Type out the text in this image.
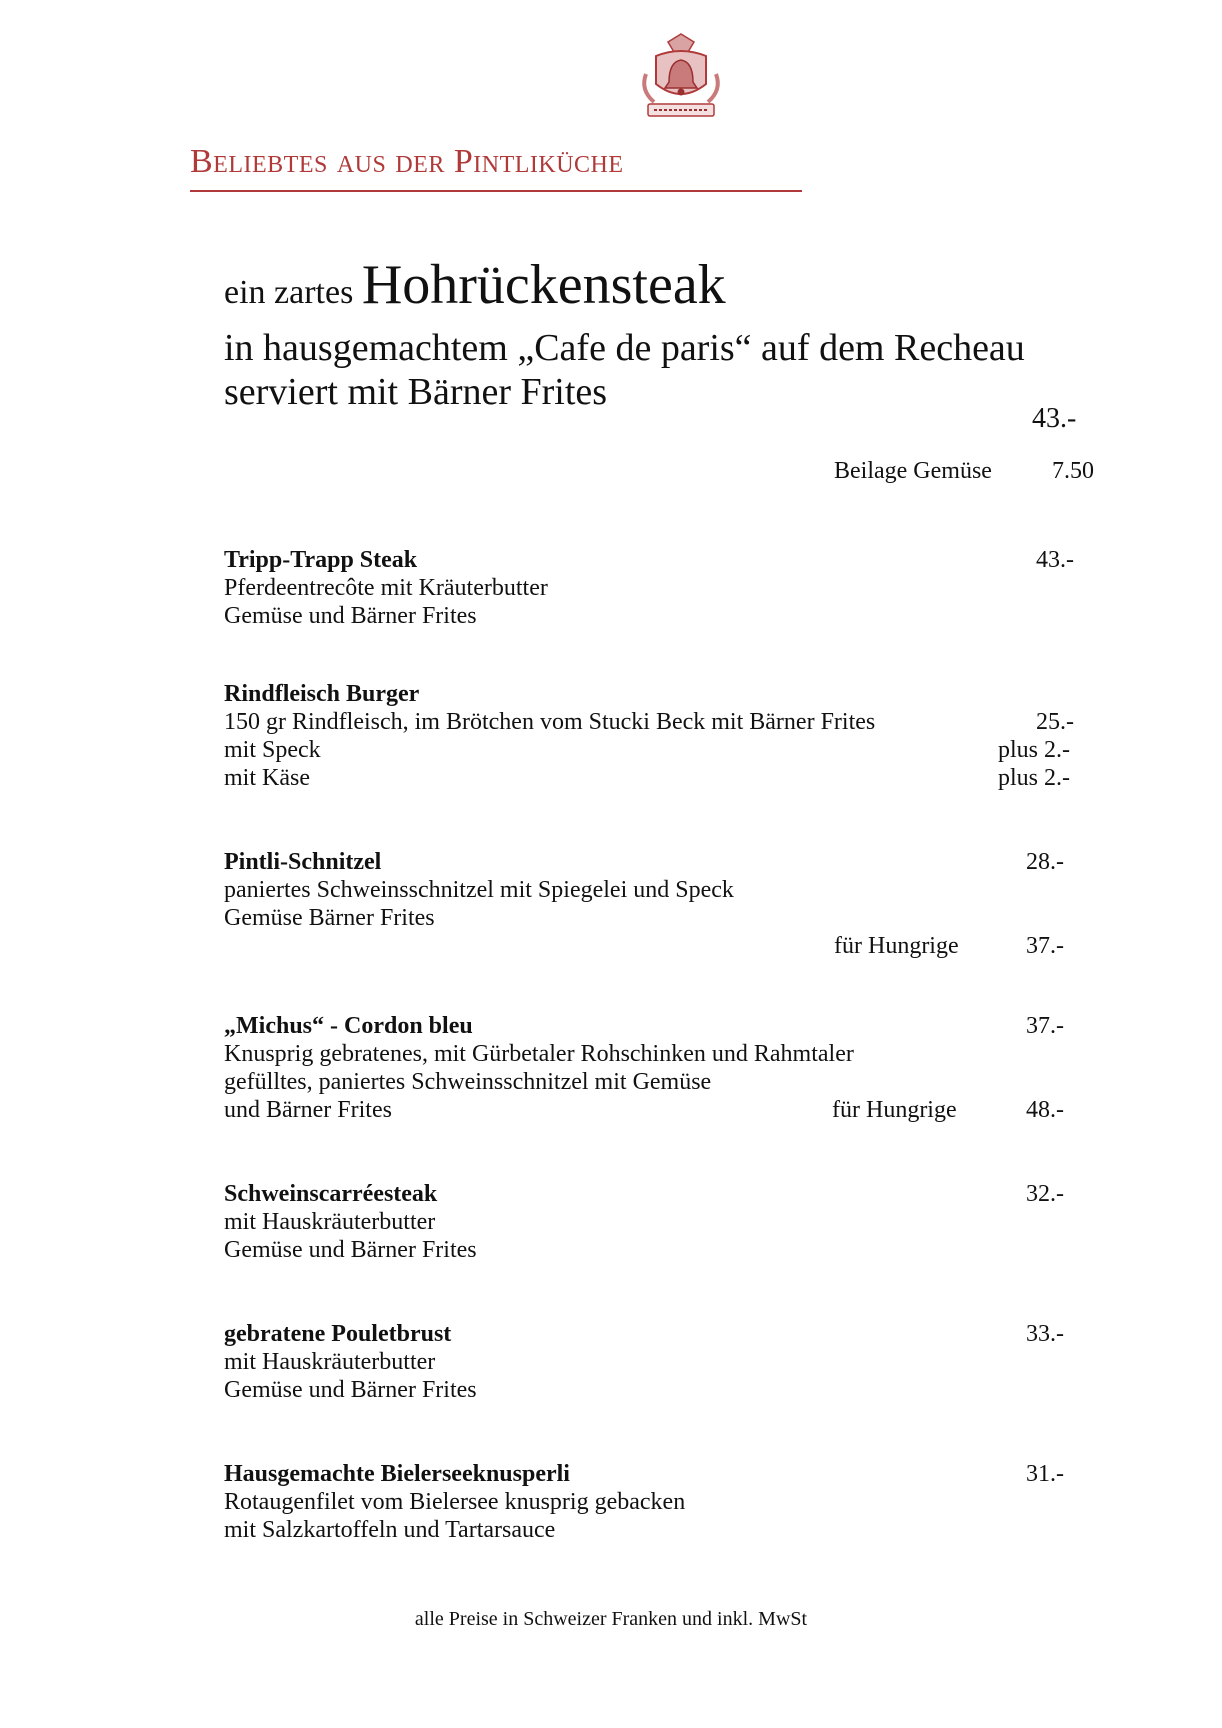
Beliebtes aus der Pintliküche
ein zartes Hohrückensteak
in hausgemachtem „Cafe de paris“ auf dem Recheau
serviert mit Bärner Frites
43.-
Beilage Gemüse	7.50
Tripp-Trapp Steak
Pferdeentrecôte mit Kräuterbutter
Gemüse und Bärner Frites
43.-
Rindfleisch Burger
150 gr Rindfleisch, im Brötchen vom Stucki Beck mit Bärner Frites
mit Speck
mit Käse
25.-
plus 2.-
plus 2.-
Pintli-Schnitzel
paniertes Schweinsschnitzel mit Spiegelei und Speck
Gemüse Bärner Frites
28.-
für Hungrige	37.-
„Michus“ - Cordon bleu
Knusprig gebratenes, mit Gürbetaler Rohschinken und Rahmtaler
gefülltes, paniertes Schweinsschnitzel mit Gemüse
und Bärner Frites
37.-
für Hungrige	48.-
Schweinscarréesteak
mit Hauskräuterbutter
Gemüse und Bärner Frites
32.-
gebratene Pouletbrust
mit Hauskräuterbutter
Gemüse und Bärner Frites
33.-
Hausgemachte Bielerseeknusperli
Rotaugenfilet vom Bielersee knusprig gebacken
mit Salzkartoffeln und Tartarsauce
31.-
alle Preise in Schweizer Franken und inkl. MwSt
